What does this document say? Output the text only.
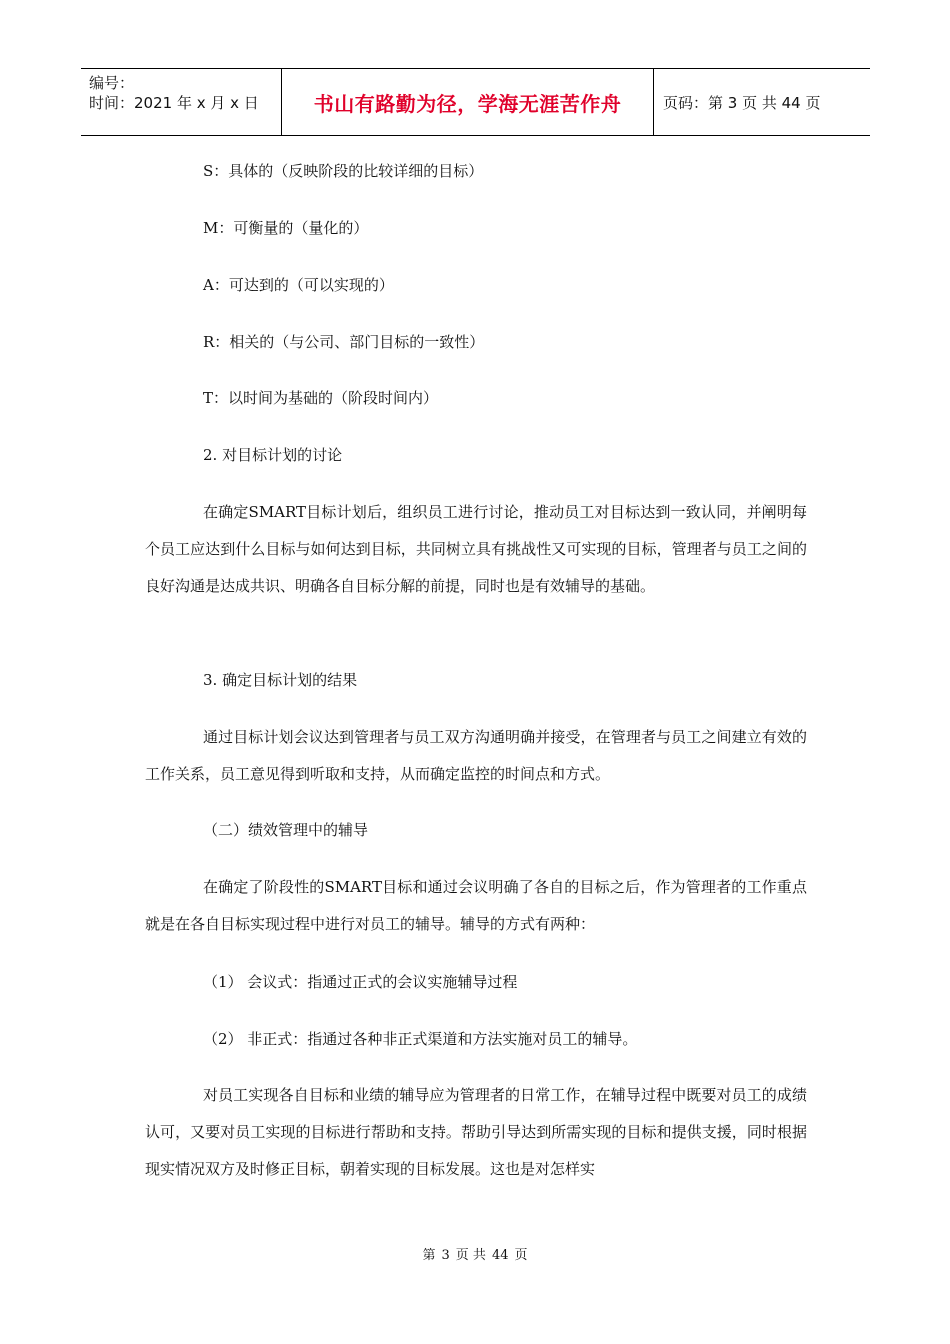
编号：
时间：2021 年 x 月 x 日	书山有路勤为径，学海无涯苦作舟	页码：第 3 页 共 44 页
S：具体的（反映阶段的比较详细的目标）
M：可衡量的（量化的）
A：可达到的（可以实现的）
R：相关的（与公司、部门目标的一致性）
T：以时间为基础的（阶段时间内）
2. 对目标计划的讨论
在确定SMART目标计划后，组织员工进行讨论，推动员工对目标达到一致认同，并阐明每个员工应达到什么目标与如何达到目标，共同树立具有挑战性又可实现的目标，管理者与员工之间的良好沟通是达成共识、明确各自目标分解的前提，同时也是有效辅导的基础。
3. 确定目标计划的结果
通过目标计划会议达到管理者与员工双方沟通明确并接受，在管理者与员工之间建立有效的工作关系，员工意见得到听取和支持，从而确定监控的时间点和方式。
（二）绩效管理中的辅导
在确定了阶段性的SMART目标和通过会议明确了各自的目标之后，作为管理者的工作重点就是在各自目标实现过程中进行对员工的辅导。辅导的方式有两种：
（1） 会议式：指通过正式的会议实施辅导过程
（2） 非正式：指通过各种非正式渠道和方法实施对员工的辅导。
对员工实现各自目标和业绩的辅导应为管理者的日常工作，在辅导过程中既要对员工的成绩认可，又要对员工实现的目标进行帮助和支持。帮助引导达到所需实现的目标和提供支援，同时根据现实情况双方及时修正目标，朝着实现的目标发展。这也是对怎样实
第 3 页 共 44 页
